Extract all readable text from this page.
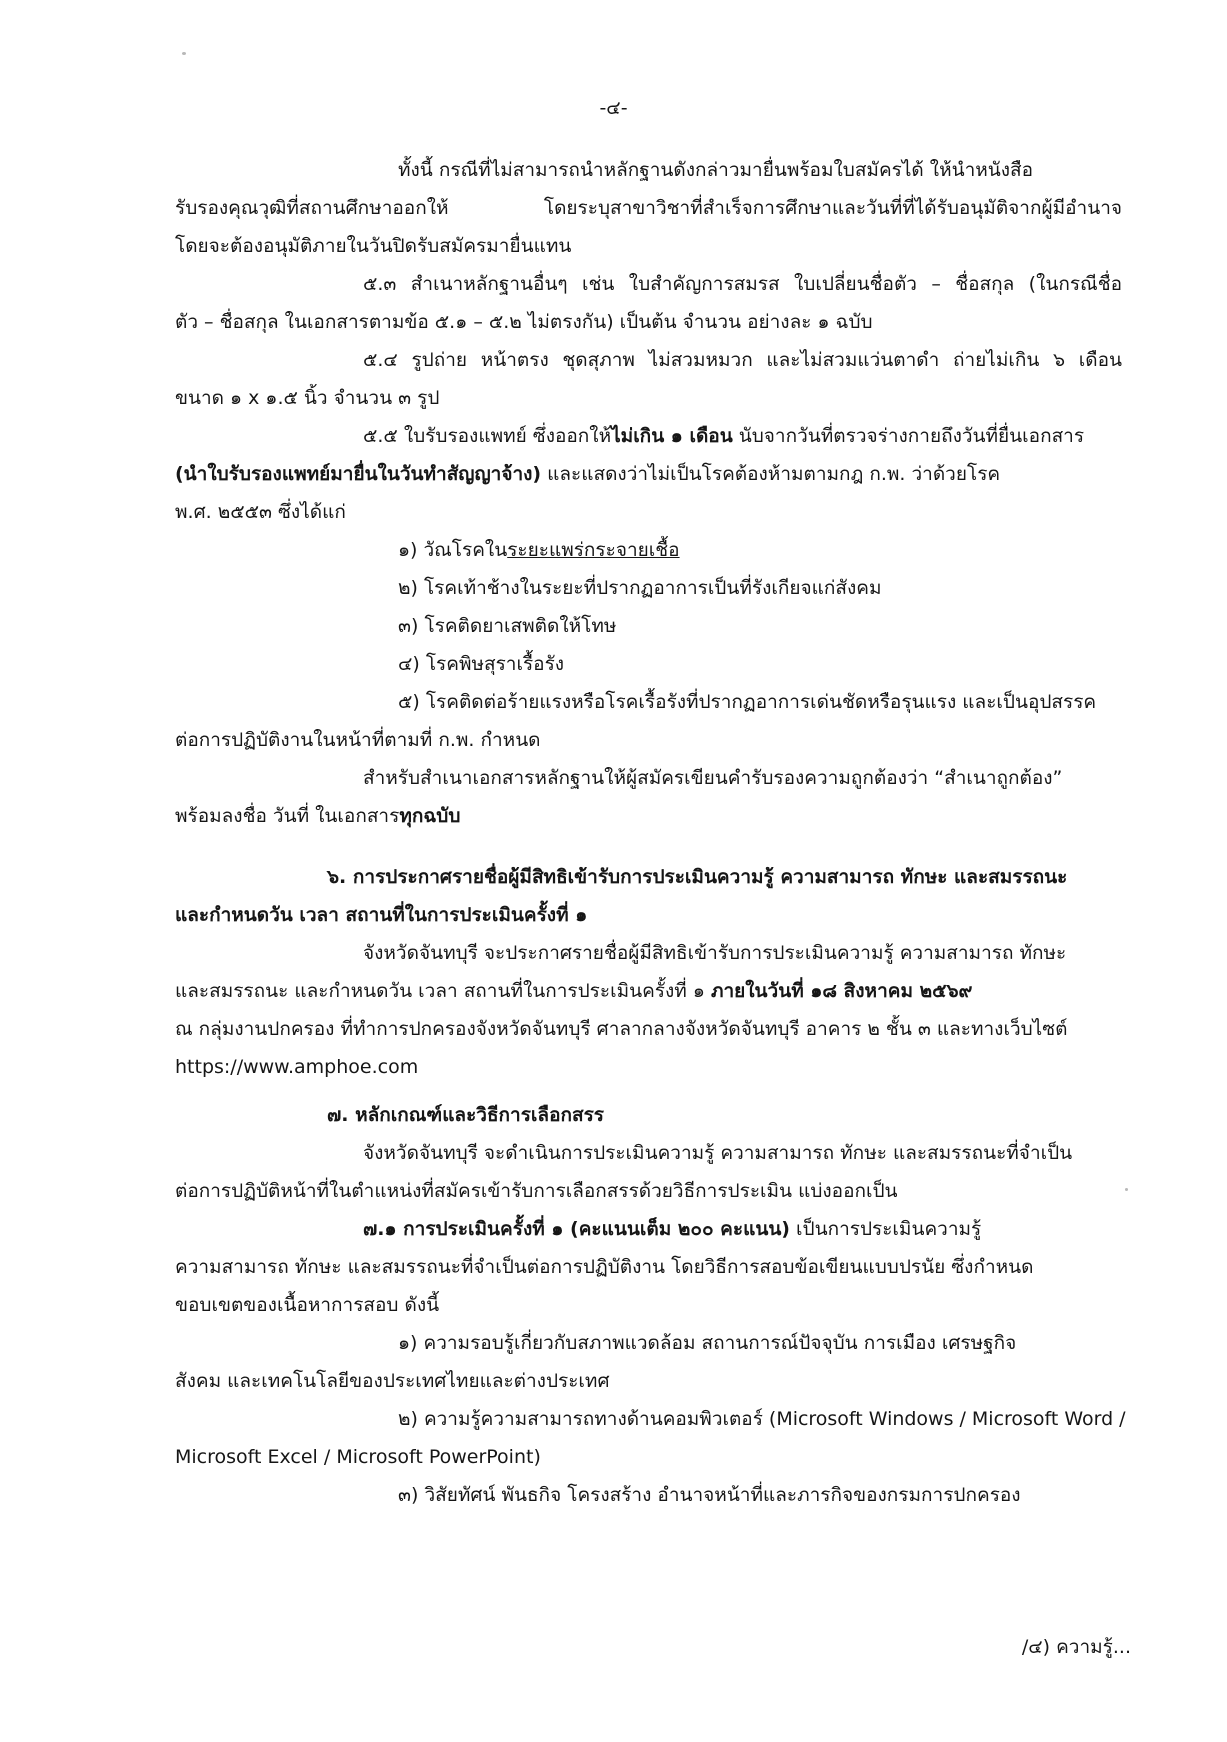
-๔-

ทั้งนี้ กรณีที่ไม่สามารถนำหลักฐานดังกล่าวมายื่นพร้อมใบสมัครได้ ให้นำหนังสือ

รับรองคุณวุฒิที่สถานศึกษาออกให้ โดยระบุสาขาวิชาที่สำเร็จการศึกษาและวันที่ที่ได้รับอนุมัติจากผู้มีอำนาจ

โดยจะต้องอนุมัติภายในวันปิดรับสมัครมายื่นแทน

๕.๓ สำเนาหลักฐานอื่นๆ เช่น ใบสำคัญการสมรส ใบเปลี่ยนชื่อตัว – ชื่อสกุล (ในกรณีชื่อ

ตัว – ชื่อสกุล ในเอกสารตามข้อ ๕.๑ – ๕.๒ ไม่ตรงกัน) เป็นต้น จำนวน อย่างละ ๑ ฉบับ

๕.๔ รูปถ่าย หน้าตรง ชุดสุภาพ ไม่สวมหมวก และไม่สวมแว่นตาดำ ถ่ายไม่เกิน ๖ เดือน

ขนาด ๑ x ๑.๕ นิ้ว จำนวน ๓ รูป

๕.๕ ใบรับรองแพทย์ ซึ่งออกให้ไม่เกิน ๑ เดือน นับจากวันที่ตรวจร่างกายถึงวันที่ยื่นเอกสาร

(นำใบรับรองแพทย์มายื่นในวันทำสัญญาจ้าง) และแสดงว่าไม่เป็นโรคต้องห้ามตามกฎ ก.พ. ว่าด้วยโรค

พ.ศ. ๒๕๕๓ ซึ่งได้แก่

๑) วัณโรคในระยะแพร่กระจายเชื้อ

๒) โรคเท้าช้างในระยะที่ปรากฏอาการเป็นที่รังเกียจแก่สังคม

๓) โรคติดยาเสพติดให้โทษ

๔) โรคพิษสุราเรื้อรัง

๕) โรคติดต่อร้ายแรงหรือโรคเรื้อรังที่ปรากฏอาการเด่นชัดหรือรุนแรง และเป็นอุปสรรค

ต่อการปฏิบัติงานในหน้าที่ตามที่ ก.พ. กำหนด

สำหรับสำเนาเอกสารหลักฐานให้ผู้สมัครเขียนคำรับรองความถูกต้องว่า “สำเนาถูกต้อง”

พร้อมลงชื่อ วันที่ ในเอกสารทุกฉบับ

๖. การประกาศรายชื่อผู้มีสิทธิเข้ารับการประเมินความรู้ ความสามารถ ทักษะ และสมรรถนะ

และกำหนดวัน เวลา สถานที่ในการประเมินครั้งที่ ๑

จังหวัดจันทบุรี จะประกาศรายชื่อผู้มีสิทธิเข้ารับการประเมินความรู้ ความสามารถ ทักษะ

และสมรรถนะ และกำหนดวัน เวลา สถานที่ในการประเมินครั้งที่ ๑ ภายในวันที่ ๑๘ สิงหาคม ๒๕๖๙

ณ กลุ่มงานปกครอง ที่ทำการปกครองจังหวัดจันทบุรี ศาลากลางจังหวัดจันทบุรี อาคาร ๒ ชั้น ๓ และทางเว็บไซต์

https://www.amphoe.com

๗. หลักเกณฑ์และวิธีการเลือกสรร

จังหวัดจันทบุรี จะดำเนินการประเมินความรู้ ความสามารถ ทักษะ และสมรรถนะที่จำเป็น

ต่อการปฏิบัติหน้าที่ในตำแหน่งที่สมัครเข้ารับการเลือกสรรด้วยวิธีการประเมิน แบ่งออกเป็น

๗.๑ การประเมินครั้งที่ ๑ (คะแนนเต็ม ๒๐๐ คะแนน) เป็นการประเมินความรู้

ความสามารถ ทักษะ และสมรรถนะที่จำเป็นต่อการปฏิบัติงาน โดยวิธีการสอบข้อเขียนแบบปรนัย ซึ่งกำหนด

ขอบเขตของเนื้อหาการสอบ ดังนี้

๑) ความรอบรู้เกี่ยวกับสภาพแวดล้อม สถานการณ์ปัจจุบัน การเมือง เศรษฐกิจ

สังคม และเทคโนโลยีของประเทศไทยและต่างประเทศ

๒) ความรู้ความสามารถทางด้านคอมพิวเตอร์ (Microsoft Windows / Microsoft Word /

Microsoft Excel / Microsoft PowerPoint)

๓) วิสัยทัศน์ พันธกิจ โครงสร้าง อำนาจหน้าที่และภารกิจของกรมการปกครอง

/๔) ความรู้...
